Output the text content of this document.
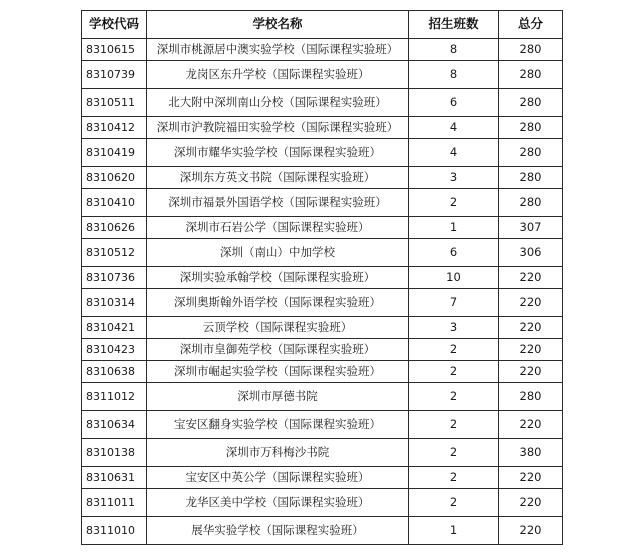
学校代码	学校名称	招生班数	总分
8310615	深圳市桃源居中澳实验学校（国际课程实验班）	8	280
8310739	龙岗区东升学校（国际课程实验班）	8	280
8310511	北大附中深圳南山分校（国际课程实验班）	6	280
8310412	深圳市沪教院福田实验学校（国际课程实验班）	4	280
8310419	深圳市耀华实验学校（国际课程实验班）	4	280
8310620	深圳东方英文书院（国际课程实验班）	3	280
8310410	深圳市福景外国语学校（国际课程实验班）	2	280
8310626	深圳市石岩公学（国际课程实验班）	1	307
8310512	深圳（南山）中加学校	6	306
8310736	深圳实验承翰学校（国际课程实验班）	10	220
8310314	深圳奥斯翰外语学校（国际课程实验班）	7	220
8310421	云顶学校（国际课程实验班）	3	220
8310423	深圳市皇御苑学校（国际课程实验班）	2	220
8310638	深圳市崛起实验学校（国际课程实验班）	2	220
8311012	深圳市厚德书院	2	280
8310634	宝安区翻身实验学校（国际课程实验班）	2	220
8310138	深圳市万科梅沙书院	2	380
8310631	宝安区中英公学（国际课程实验班）	2	220
8311011	龙华区美中学校（国际课程实验班）	2	220
8311010	展华实验学校（国际课程实验班）	1	220
